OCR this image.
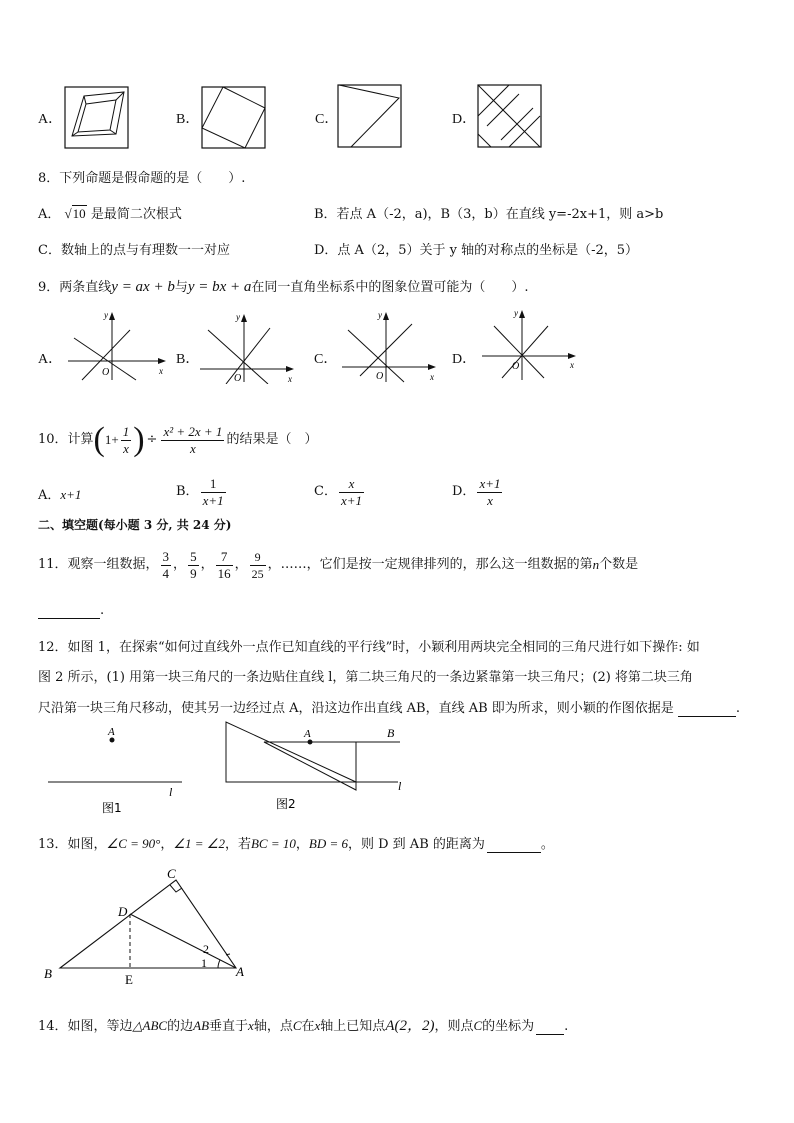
A．	B．	C．	D．
8．下列命题是假命题的是（　　）.
A． √10 是最简二次根式	B．若点 A（-2，a)，B（3，b）在直线 y=-2x+1，则 a>b
C．数轴上的点与有理数一一对应	D．点 A（2，5）关于 y 轴的对称点的坐标是（-2，5）
9．两条直线y = ax + b与y = bx + a在同一直角坐标系中的图象位置可能为（　　）.
A．
y
x
O
B．
y
x
O
C．
y
x
O
D．
y
x
O
10．计算($1+ \frac{1}{x}$ ) ÷ $\frac{\text{x² + 2x + 1}}{x}$ 的结果是（　）
A．x+1	B． $\frac{1}{x+1}$	C． $\frac{x}{x+1}$	D． $\frac{x+1}{x}$
二、填空题(每小题 3 分, 共 24 分)
11．观察一组数据， $\frac{3}{4}$ ， $\frac{5}{9}$ ， $\frac{7}{16}$ ， $\frac{9}{25}$ ，……，它们是按一定规律排列的，那么这一组数据的第n个数是
.
12．如图 1，在探索“如何过直线外一点作已知直线的平行线”时，小颖利用两块完全相同的三角尺进行如下操作: 如
图 2 所示，(1) 用第一块三角尺的一条边贴住直线 l，第二块三角尺的一条边紧靠第一块三角尺；(2) 将第二块三角
尺沿第一块三角尺移动，使其另一边经过点 A，沿这边作出直线 AB，直线 AB 即为所求，则小颖的作图依据是	.
A
l
图1
A	B
l
图2
13．如图，∠C = 90°，∠1 = ∠2，若BC = 10，BD = 6，则 D 到 AB 的距离为	。
C
D
B	E
A
1
2
14．如图，等边△ABC的边AB垂直于x轴，点C在x轴上已知点A(2，2)，则点C的坐标为 .
